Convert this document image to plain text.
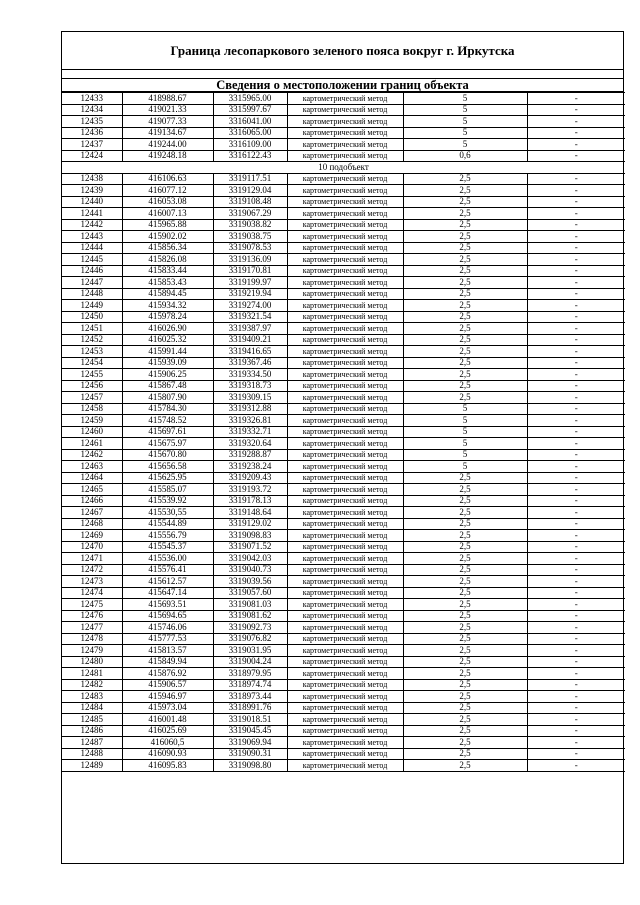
Граница лесопаркового зеленого пояса вокруг г. Иркутска
Сведения о местоположении границ объекта
12433	418988.67	3315965.00	картометрический метод	5	-
12434	419021.33	3315997.67	картометрический метод	5	-
12435	419077.33	3316041.00	картометрический метод	5	-
12436	419134.67	3316065.00	картометрический метод	5	-
12437	419244.00	3316109.00	картометрический метод	5	-
12424	419248.18	3316122.43	картометрический метод	0,6	-
10 подобъект					
12438	416106.63	3319117.51	картометрический метод	2,5	-
12439	416077.12	3319129.04	картометрический метод	2,5	-
12440	416053.08	3319108.48	картометрический метод	2,5	-
12441	416007.13	3319067.29	картометрический метод	2,5	-
12442	415965.88	3319038.82	картометрический метод	2,5	-
12443	415902.02	3319038.75	картометрический метод	2,5	-
12444	415856.34	3319078.53	картометрический метод	2,5	-
12445	415826.08	3319136.09	картометрический метод	2,5	-
12446	415833.44	3319170.81	картометрический метод	2,5	-
12447	415853.43	3319199.97	картометрический метод	2,5	-
12448	415894.45	3319219.94	картометрический метод	2,5	-
12449	415934.32	3319274.00	картометрический метод	2,5	-
12450	415978.24	3319321.54	картометрический метод	2,5	-
12451	416026.90	3319387.97	картометрический метод	2,5	-
12452	416025.32	3319409.21	картометрический метод	2,5	-
12453	415991.44	3319416.65	картометрический метод	2,5	-
12454	415939.09	3319367.46	картометрический метод	2,5	-
12455	415906.25	3319334.50	картометрический метод	2,5	-
12456	415867.48	3319318.73	картометрический метод	2,5	-
12457	415807.90	3319309.15	картометрический метод	2,5	-
12458	415784.30	3319312.88	картометрический метод	5	-
12459	415748.52	3319326.81	картометрический метод	5	-
12460	415697.61	3319332.71	картометрический метод	5	-
12461	415675.97	3319320.64	картометрический метод	5	-
12462	415670.80	3319288.87	картометрический метод	5	-
12463	415656.58	3319238.24	картометрический метод	5	-
12464	415625.95	3319209.43	картометрический метод	2,5	-
12465	415585.07	3319193.72	картометрический метод	2,5	-
12466	415539.92	3319178.13	картометрический метод	2,5	-
12467	415530,55	3319148.64	картометрический метод	2,5	-
12468	415544.89	3319129.02	картометрический метод	2,5	-
12469	415556.79	3319098.83	картометрический метод	2,5	-
12470	415545.37	3319071.52	картометрический метод	2,5	-
12471	415536.00	3319042.03	картометрический метод	2,5	-
12472	415576.41	3319040.73	картометрический метод	2,5	-
12473	415612.57	3319039.56	картометрический метод	2,5	-
12474	415647.14	3319057.60	картометрический метод	2,5	-
12475	415693.51	3319081.03	картометрический метод	2,5	-
12476	415694.65	3319081.62	картометрический метод	2,5	-
12477	415746.06	3319092.73	картометрический метод	2,5	-
12478	415777.53	3319076.82	картометрический метод	2,5	-
12479	415813.57	3319031.95	картометрический метод	2,5	-
12480	415849.94	3319004.24	картометрический метод	2,5	-
12481	415876.92	3318979.95	картометрический метод	2,5	-
12482	415906.57	3318974.74	картометрический метод	2,5	-
12483	415946.97	3318973.44	картометрический метод	2,5	-
12484	415973.04	3318991.76	картометрический метод	2,5	-
12485	416001.48	3319018.51	картометрический метод	2,5	-
12486	416025.69	3319045.45	картометрический метод	2,5	-
12487	416060,5	3319069.94	картометрический метод	2,5	-
12488	416090.93	3319090.31	картометрический метод	2,5	-
12489	416095.83	3319098.80	картометрический метод	2,5	-
